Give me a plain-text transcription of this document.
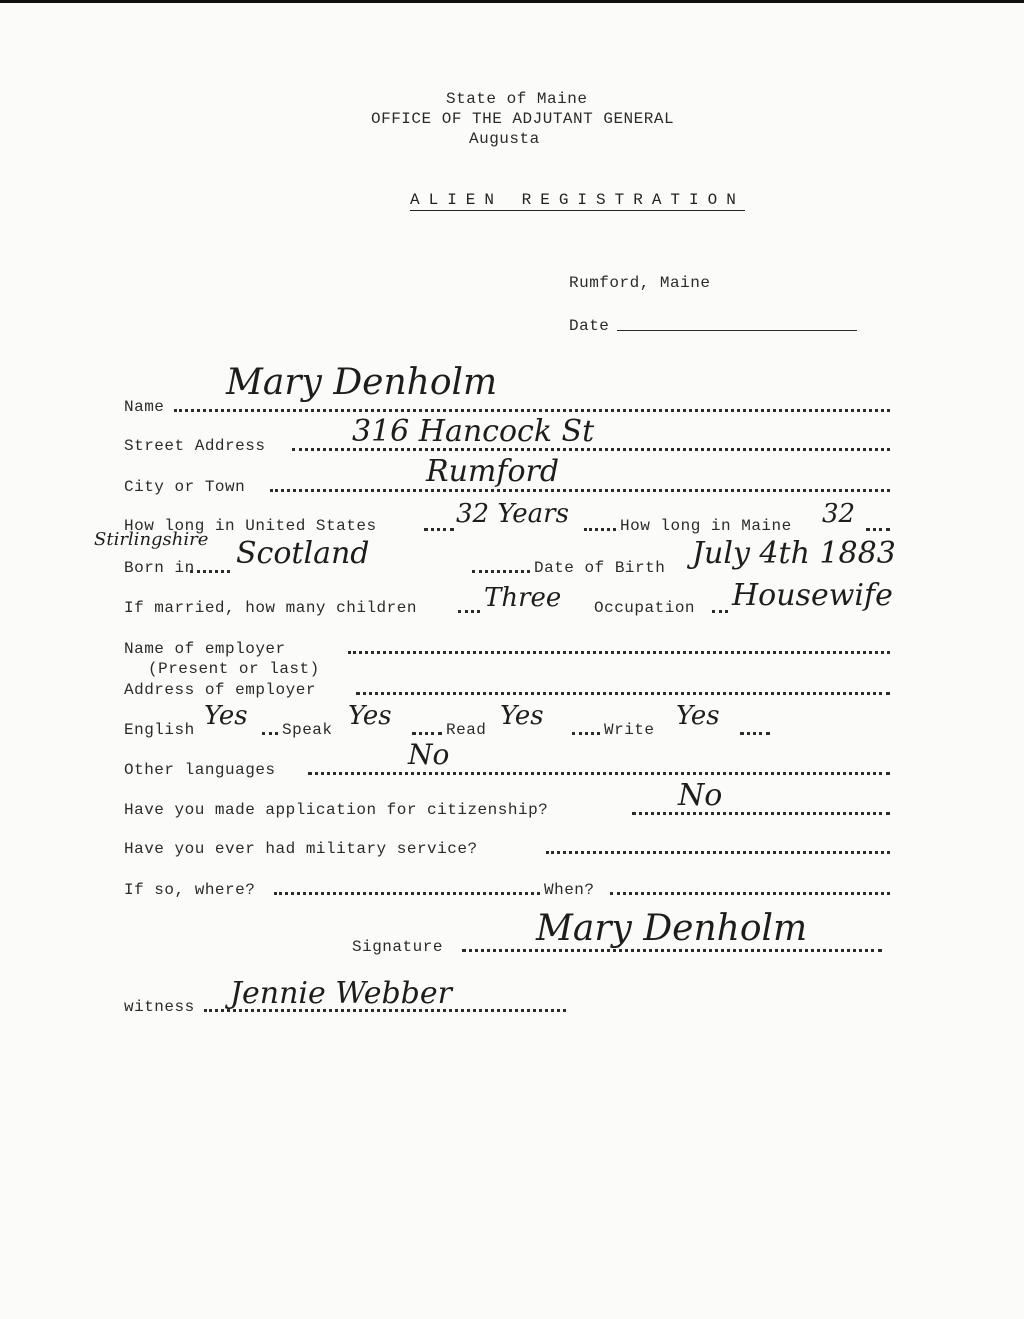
State of Maine
OFFICE OF THE ADJUTANT GENERAL
Augusta
ALIEN REGISTRATION
Rumford, Maine
Date
Name
Mary Denholm
Street Address	316 Hancock St
City or Town	Rumford
How long in United States	32 Years	How long in Maine 32
Stirlingshire
Born in Scotland	Date of Birth July 4th 1883
If married, how many children	Three Occupation Housewife
Name of employer
(Present or last)
Address of employer
English Yes Speak Yes	Read Yes	Write Yes
Other languages	No
Have you made application for citizenship?	No
Have you ever had military service?
If so, where?	When?
Signature	Mary Denholm
witness Jennie Webber
